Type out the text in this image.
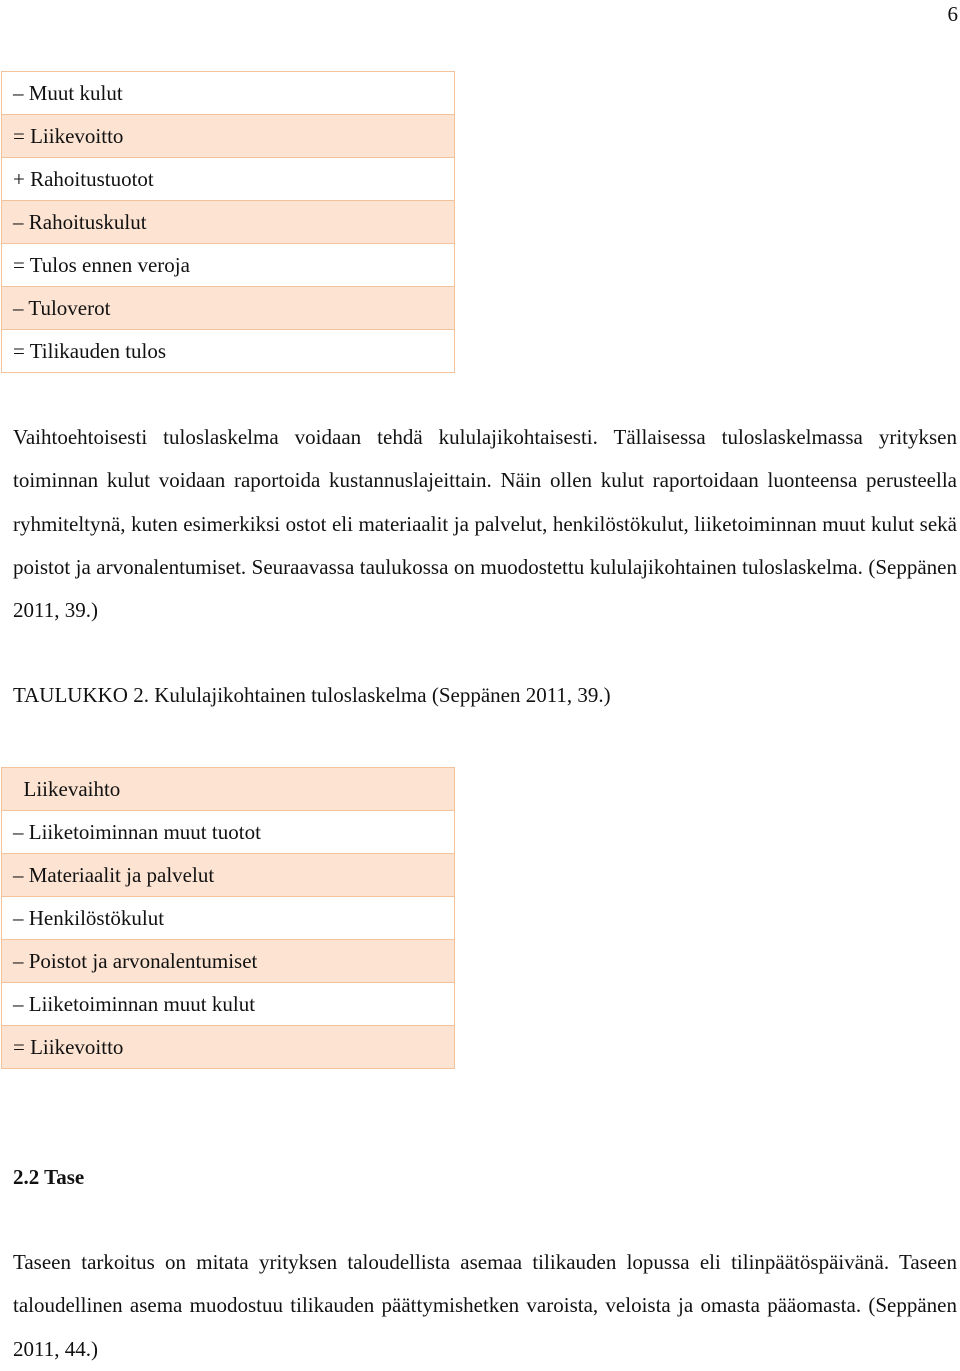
6
– Muut kulut
= Liikevoitto
+ Rahoitustuotot
– Rahoituskulut
= Tulos ennen veroja
– Tuloverot
= Tilikauden tulos
Vaihtoehtoisesti tuloslaskelma voidaan tehdä kululajikohtaisesti. Tällaisessa tuloslaskelmassa yrityksen toiminnan kulut voidaan raportoida kustannuslajeittain. Näin ollen kulut raportoidaan luonteensa perusteella ryhmiteltynä, kuten esimerkiksi ostot eli materiaalit ja palvelut, henkilöstökulut, liiketoiminnan muut kulut sekä poistot ja arvonalentumiset. Seuraavassa taulukossa on muodostettu kululajikohtainen tuloslaskelma. (Seppänen 2011, 39.)
TAULUKKO 2. Kululajikohtainen tuloslaskelma (Seppänen 2011, 39.)
Liikevaihto
– Liiketoiminnan muut tuotot
– Materiaalit ja palvelut
– Henkilöstökulut
– Poistot ja arvonalentumiset
– Liiketoiminnan muut kulut
= Liikevoitto
2.2 Tase
Taseen tarkoitus on mitata yrityksen taloudellista asemaa tilikauden lopussa eli tilinpäätöspäivänä. Taseen taloudellinen asema muodostuu tilikauden päättymishetken varoista, veloista ja omasta pääomasta. (Seppänen 2011, 44.)
